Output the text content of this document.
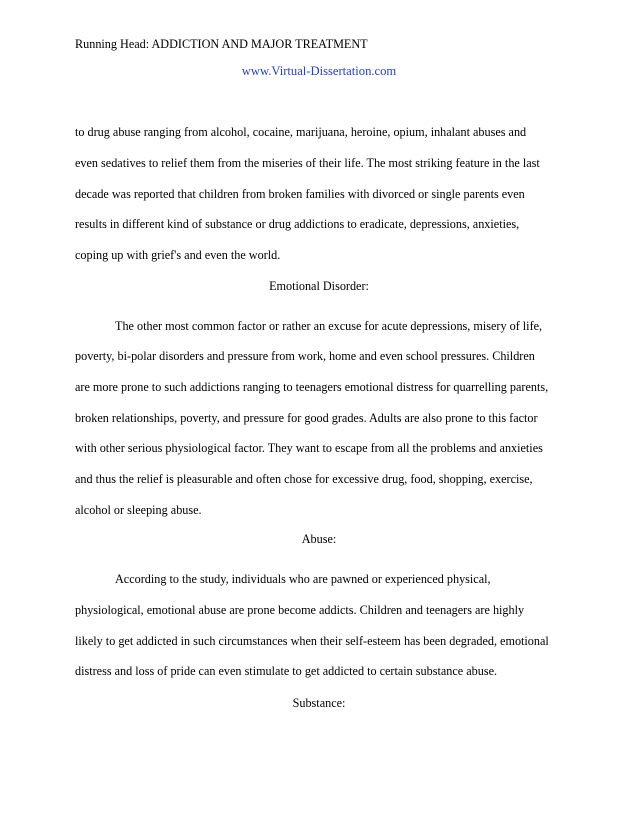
Running Head: ADDICTION AND MAJOR TREATMENT
www.Virtual-Dissertation.com
to drug abuse ranging from alcohol, cocaine, marijuana, heroine, opium, inhalant abuses and
even sedatives to relief them from the miseries of their life. The most striking feature in the last
decade was reported that children from broken families with divorced or single parents even
results in different kind of substance or drug addictions to eradicate, depressions, anxieties,
coping up with grief's and even the world.
Emotional Disorder:
The other most common factor or rather an excuse for acute depressions, misery of life,
poverty, bi-polar disorders and pressure from work, home and even school pressures. Children
are more prone to such addictions ranging to teenagers emotional distress for quarrelling parents,
broken relationships, poverty, and pressure for good grades. Adults are also prone to this factor
with other serious physiological factor. They want to escape from all the problems and anxieties
and thus the relief is pleasurable and often chose for excessive drug, food, shopping, exercise,
alcohol or sleeping abuse.
Abuse:
According to the study, individuals who are pawned or experienced physical,
physiological, emotional abuse are prone become addicts. Children and teenagers are highly
likely to get addicted in such circumstances when their self-esteem has been degraded, emotional
distress and loss of pride can even stimulate to get addicted to certain substance abuse.
Substance:
